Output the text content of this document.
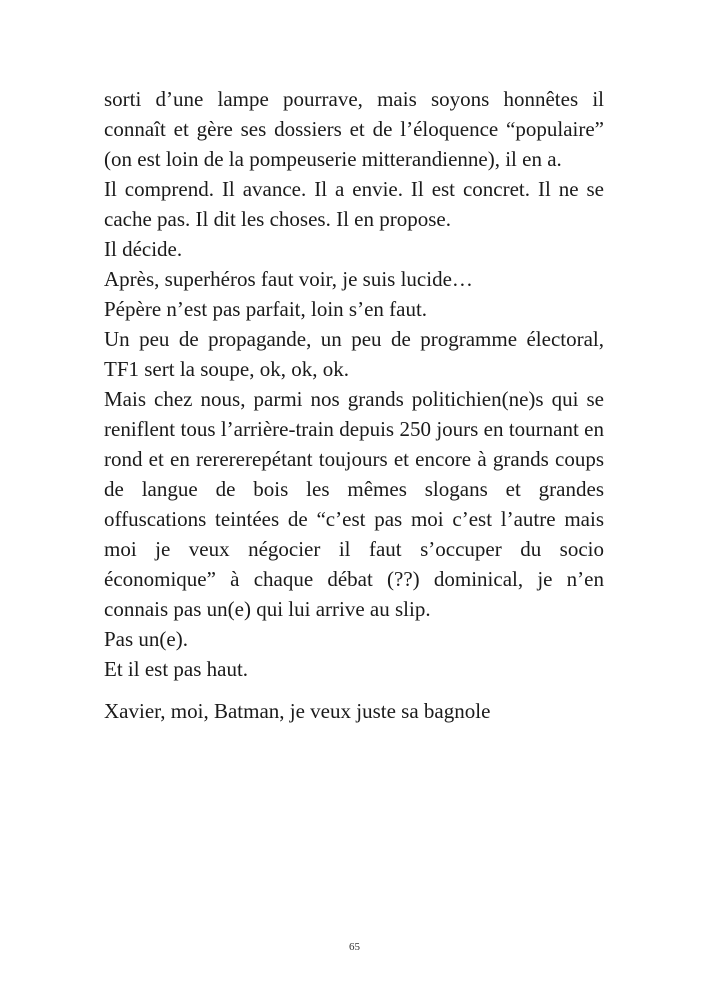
sorti d’une lampe pourrave, mais soyons honnêtes il connaît et gère ses dossiers et de l’éloquence “populaire” (on est loin de la pompeuserie mitterandienne), il en a.

Il comprend. Il avance. Il a envie. Il est concret. Il ne se cache pas. Il dit les choses. Il en propose.

Il décide.

Après, superhéros faut voir, je suis lucide…

Pépère n’est pas parfait, loin s’en faut.

Un peu de propagande, un peu de programme électoral, TF1 sert la soupe, ok, ok, ok.

Mais chez nous, parmi nos grands politichien(ne)s qui se reniflent tous l’arrière-train depuis 250 jours en tournant en rond et en rerererepétant toujours et encore à grands coups de langue de bois les mêmes slogans et grandes offuscations teintées de “c’est pas moi c’est l’autre mais moi je veux négocier il faut s’occuper du socio économique” à chaque débat (??) dominical, je n’en connais pas un(e) qui lui arrive au slip.

Pas un(e).

Et il est pas haut.

Xavier, moi, Batman, je veux juste sa bagnole

65
